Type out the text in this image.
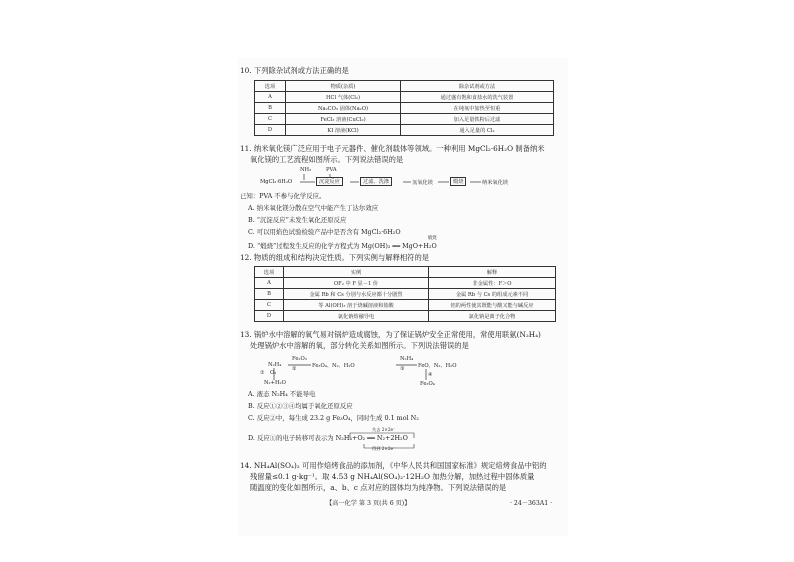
10. 下列除杂试剂或方法正确的是
选项	物质(杂质)	除杂试剂或方法
A	HCl 气体(Cl₂)	通过盛有饱和食盐水的洗气装置
B	Na₂CO₃ 固体(Na₂O)	在纯氧中加热至恒重
C	FeCl₃ 溶液(CuCl₂)	加入足量铁粉后过滤
D	KI 溶液(KCl)	通入足量的 Cl₂
11. 纳米氧化镁广泛应用于电子元器件、催化剂载体等领域。一种利用 MgCl₂·6H₂O 制备纳米
氧化镁的工艺流程如图所示。下列说法错误的是
NH₃	PVA
MgCl₂·6H₂O	沉淀反应	过滤、洗涤	氢氧化镁	煅烧	纳米氧化镁
已知：PVA 不参与化学反应。
A. 纳米氧化镁分散在空气中能产生丁达尔效应
B. “沉淀反应”未发生氧化还原反应
C. 可以用焰色试验检验产品中是否含有 MgCl₂·6H₂O
D. “煅烧”过程发生反应的化学方程式为 Mg(OH)₂ ══ MgO+H₂O
煅烧
12. 物质的组成和结构决定性质。下列实例与解释相符的是
选项	实例	解释
A	OF₂ 中 F 显－1 价	非金属性：F＞O
B	金属 Rb 和 Cs 分别与水反应都十分剧烈	金属 Rb 与 Cs 的组成元素不同
C	等 Al(OH)₃ 溶于烧碱溶液和盐酸	铝的两性使其既能与酸又能与碱反应
D	氯化钠熔融导电	氯化钠是离子化合物
13. 锅炉水中溶解的氧气易对锅炉造成腐蚀，为了保证锅炉安全正常使用，常使用联氨(N₂H₄)
处理锅炉水中溶解的氧，部分转化关系如图所示。下列说法错误的是
N₂H₄
Fe₂O₃
②	Fe₃O₄、N₂、H₂O
N₂H₄
③	FeO、N₂、H₂O
① O₂
N₂+H₂O
④
Fe₃O₄
A. 液态 N₂H₄ 不能导电
B. 反应①②③④均属于氧化还原反应
C. 反应②中，每生成 23.2 g Fe₃O₄，同时生成 0.1 mol N₂
失去 2×2e⁻
D. 反应①的电子转移可表示为 N₂H₄+O₂ ══ N₂+2H₂O
得到 2×2e⁻
14. NH₄Al(SO₄)₂ 可用作焙烤食品的添加剂，《中华人民共和国国家标准》规定焙烤食品中铝的
残留量≤0.1 g·kg⁻¹。取 4.53 g NH₄Al(SO₄)₂·12H₂O 加热分解，加热过程中固体质量
随温度的变化如图所示，a、b、c 点对应的固体均为纯净物。下列说法错误的是
【高一化学 第 3 页(共 6 页)】	· 24－363A1 ·
